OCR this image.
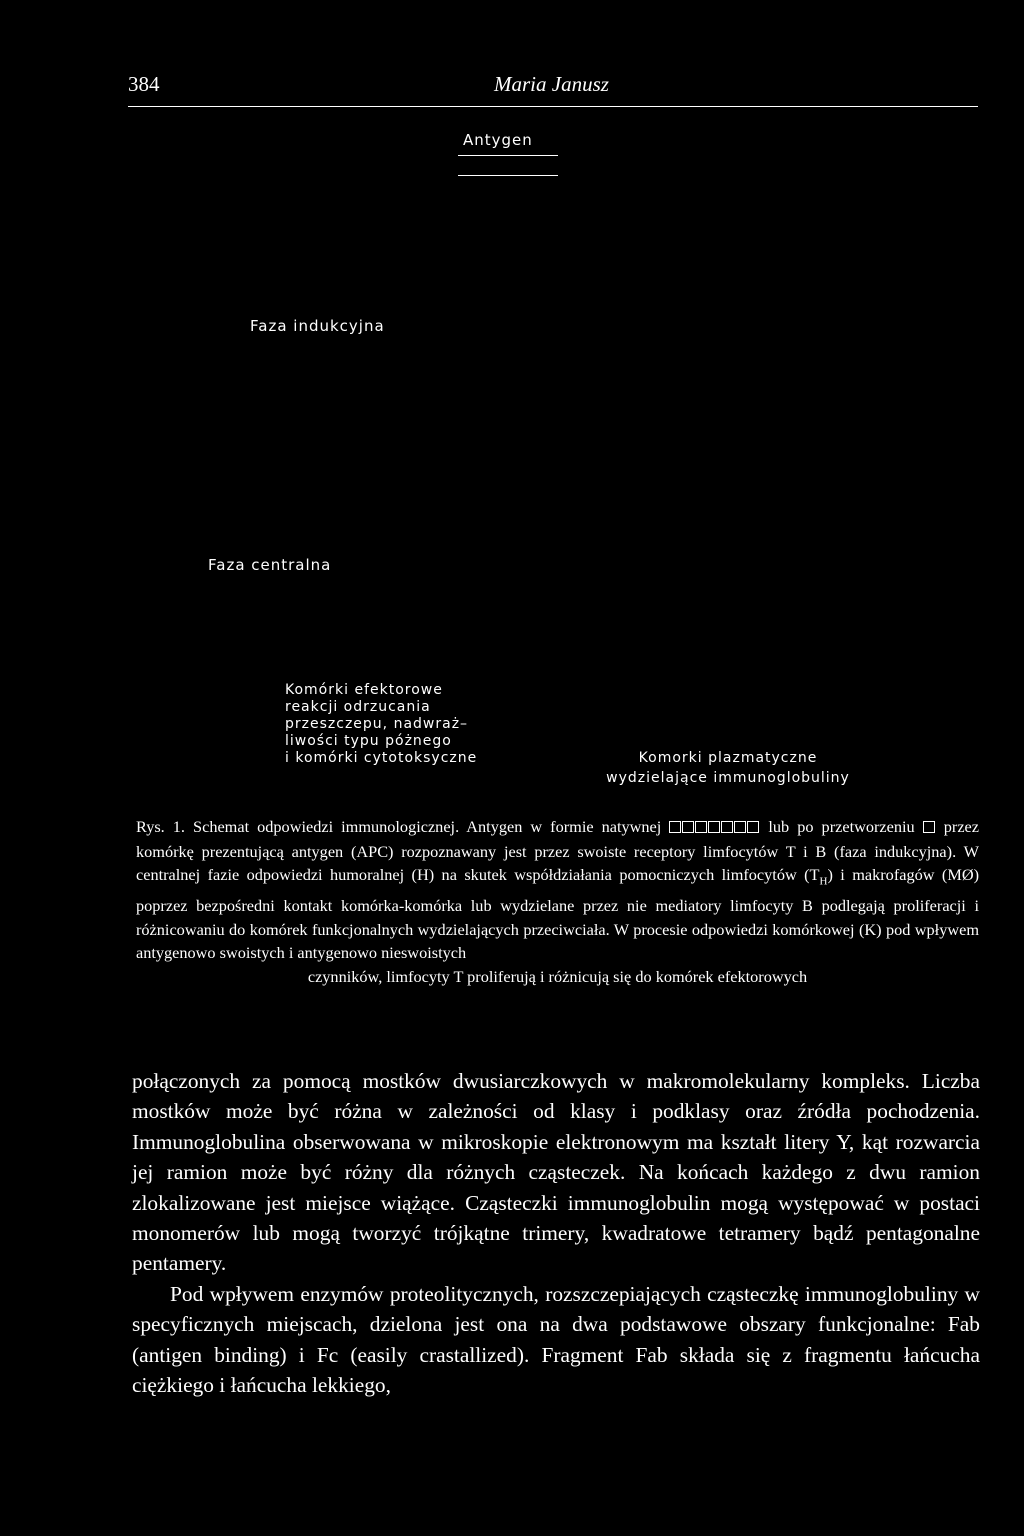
384	Maria Janusz
Antygen
Faza indukcyjna
Faza centralna
Komórki efektorowe
reakcji odrzucania
przeszczepu, nadwraż–
liwości typu póżnego
i komórki cytotoksyczne	Komorki plazmatyczne
wydzielające immunoglobuliny

Rys. 1. Schemat odpowiedzi immunologicznej. Antygen w formie natywnej	lub po przetworzeniu przez komórkę prezentującą antygen (APC) rozpoznawany jest przez swoiste receptory limfocytów T i B (faza indukcyjna). W centralnej fazie odpowiedzi humoralnej (H) na skutek współdziałania pomocniczych limfocytów $(T_H)$ i makrofagów (MØ) poprzez bezpośredni kontakt komórka-komórka lub wydzielane przez nie mediatory limfocyty B podlegają proliferacji i różnicowaniu do komórek funkcjonalnych wydzielających przeciwciała. W procesie odpowiedzi komórkowej (K) pod wpływem antygenowo swoistych i antygenowo nieswoistych

czynników, limfocyty T proliferują i różnicują się do komórek efektorowych

połączonych za pomocą mostków dwusiarczkowych w makromolekularny kompleks. Liczba mostków może być różna w zależności od klasy i podklasy oraz źródła pochodzenia. Immunoglobulina obserwowana w mikroskopie elektronowym ma kształt litery Y, kąt rozwarcia jej ramion może być różny dla różnych cząsteczek. Na końcach każdego z dwu ramion zlokalizowane jest miejsce wiążące. Cząsteczki immunoglobulin mogą występować w postaci monomerów lub mogą tworzyć trójkątne trimery, kwadratowe tetramery bądź pentagonalne pentamery.

Pod wpływem enzymów proteolitycznych, rozszczepiających cząsteczkę immunoglobuliny w specyficznych miejscach, dzielona jest ona na dwa podstawowe obszary funkcjonalne: Fab (antigen binding) i Fc (easily crastallized). Fragment Fab składa się z fragmentu łańcucha ciężkiego i łańcucha lekkiego,
